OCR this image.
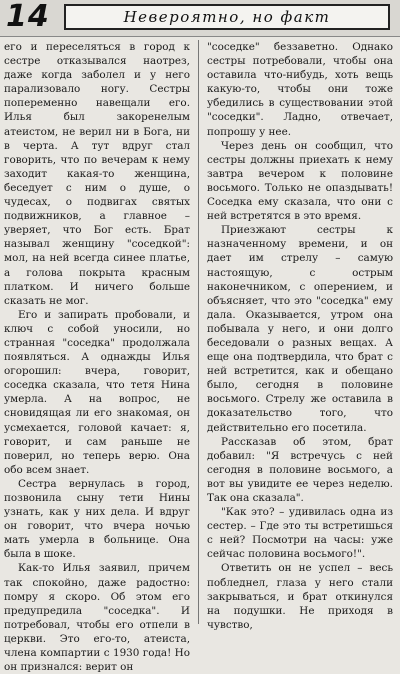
14	Невероятно, но факт

его и переселяться в город к сестре отказывался наотрез, даже когда заболел и у него парализовало ногу. Сестры попеременно навещали его. Илья был закоренелым атеистом, не верил ни в Бога, ни в черта. А тут вдруг стал говорить, что по вечерам к нему заходит какая-то женщина, беседует с ним о душе, о чудесах, о подвигах святых подвижников, а главное – уверяет, что Бог есть. Брат называл женщину "соседкой": мол, на ней всегда синее платье, а голова покрыта красным платком. И ничего больше сказать не мог.

Его и запирать пробовали, и ключ с собой уносили, но странная "соседка" продолжала появляться. А однажды Илья огорошил: вчера, говорит, соседка сказала, что тетя Нина умерла. А на вопрос, не сновидящая ли его знакомая, он усмехается, головой качает: я, говорит, и сам раньше не поверил, но теперь верю. Она обо всем знает.

Сестра вернулась в город, позвонила сыну тети Нины узнать, как у них дела. И вдруг он говорит, что вчера ночью мать умерла в больнице. Она была в шоке.

Как-то Илья заявил, причем так спокойно, даже радостно: помру я скоро. Об этом его предупредила "соседка". И потребовал, чтобы его отпели в церкви. Это его-то, атеиста, члена компартии с 1930 года! Но он признался: верит он

"соседке" беззаветно. Однако сестры потребовали, чтобы она оставила что-нибудь, хоть вещь какую-то, чтобы они тоже убедились в существовании этой "соседки". Ладно, отвечает, попрошу у нее.

Через день он сообщил, что сестры должны приехать к нему завтра вечером к половине восьмого. Только не опаздывать! Соседка ему сказала, что они с ней встретятся в это время.

Приезжают сестры к назначенному времени, и он дает им стрелу – самую настоящую, с острым наконечником, с оперением, и объясняет, что это "соседка" ему дала. Оказывается, утром она побывала у него, и они долго беседовали о разных вещах. А еще она подтвердила, что брат с ней встретится, как и обещано было, сегодня в половине восьмого. Стрелу же оставила в доказательство того, что действительно его посетила.

Рассказав об этом, брат добавил: "Я встречусь с ней сегодня в половине восьмого, а вот вы увидите ее через неделю. Так она сказала".

"Как это? – удивилась одна из сестер. – Где это ты встретишься с ней? Посмотри на часы: уже сейчас половина восьмого!".

Ответить он не успел – весь побледнел, глаза у него стали закрываться, и брат откинулся на подушки. Не приходя в чувство,
